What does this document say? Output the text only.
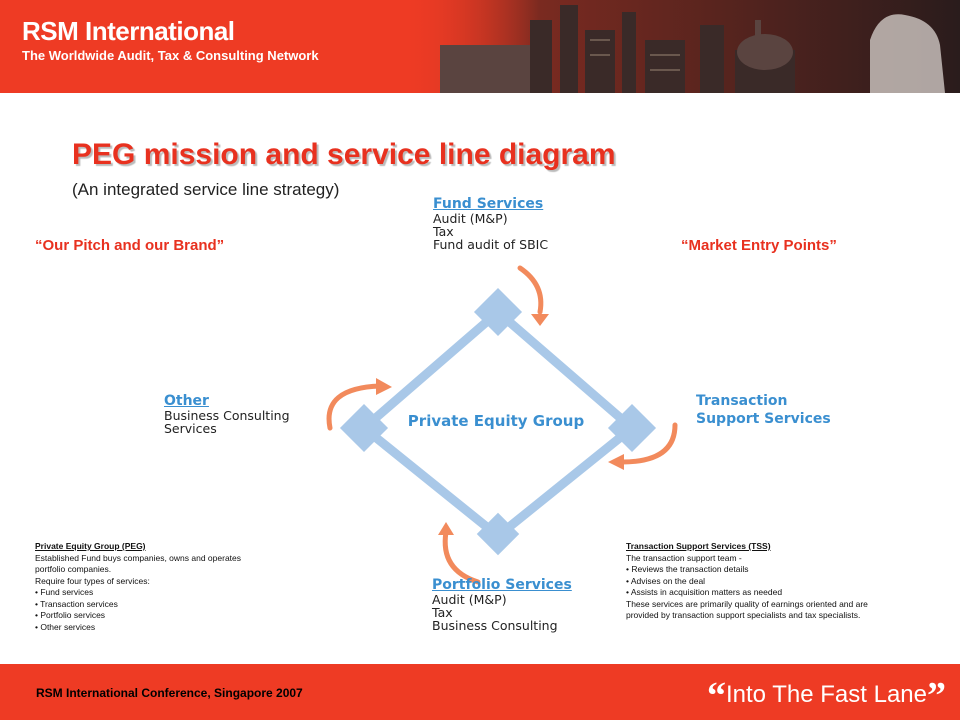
RSM International
The Worldwide Audit, Tax & Consulting Network
PEG mission and service line diagram
(An integrated service line strategy)
“Our Pitch and our Brand”	“Market Entry Points”
Private Equity Group
Fund Services
Audit (M&P)
Tax
Fund audit of SBIC
Other
Business Consulting
Services
Transaction
Support Services
Portfolio Services
Audit (M&P)
Tax
Business Consulting
Private Equity Group (PEG)
Established Fund buys companies, owns and operates
portfolio companies.
Require four types of services:
• Fund services
• Transaction services
• Portfolio services
• Other services
Transaction Support Services (TSS)
The transaction support team -
• Reviews the transaction details
• Advises on the deal
• Assists in acquisition matters as needed
These services are primarily quality of earnings oriented and are
provided by transaction support specialists and tax specialists.
RSM International Conference, Singapore 2007	“Into The Fast Lane”
